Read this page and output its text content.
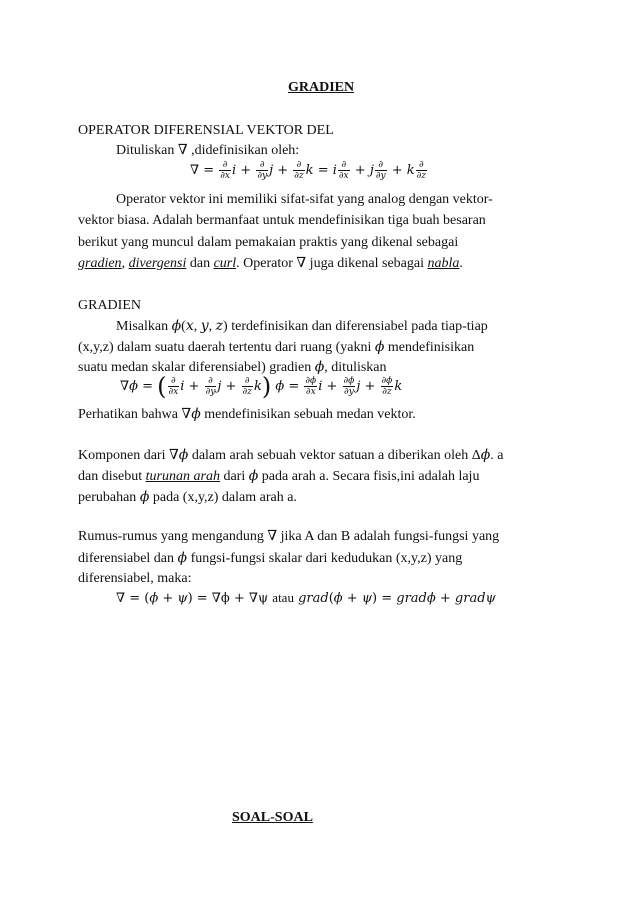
GRADIEN
OPERATOR DIFERENSIAL VEKTOR DEL
Dituliskan ∇ ,didefinisikan oleh:
∇ = $\frac{\partial}{\partial x}$ $i + \frac{\partial}{\partial y}$ $j + \frac{\partial}{\partial z}$ k = i $\frac{\partial}{\partial x} + j \frac{\partial}{\partial y} + k \frac{\partial}{\partial z}$
Operator vektor ini memiliki sifat-sifat yang analog dengan vektor-
vektor biasa. Adalah bermanfaat untuk mendefinisikan tiga buah besaran
berikut yang muncul dalam pemakaian praktis yang dikenal sebagai
gradien, divergensi dan curl. Operator ∇ juga dikenal sebagai nabla.
GRADIEN
Misalkan ϕ(x, y, z) terdefinisikan dan diferensiabel pada tiap-tiap
(x,y,z) dalam suatu daerah tertentu dari ruang (yakni ϕ mendefinisikan
suatu medan skalar diferensiabel) gradien ϕ, dituliskan
∇ϕ = ( $\frac{\partial}{\partial x}$ $i + \frac{\partial}{\partial y}$ $j + \frac{\partial}{\partial z} k$) $\phi = \frac{\partial\phi}{\partial x}$ $i + \frac{\partial\phi}{\partial y}$ $j + \frac{\partial\phi}{\partial z}$ k
Perhatikan bahwa ∇ϕ mendefinisikan sebuah medan vektor.
Komponen dari ∇ϕ dalam arah sebuah vektor satuan a diberikan oleh Δϕ. a
dan disebut turunan arah dari ϕ pada arah a. Secara fisis,ini adalah laju
perubahan ϕ pada (x,y,z) dalam arah a.
Rumus-rumus yang mengandung ∇ jika A dan B adalah fungsi-fungsi yang
diferensiabel dan ϕ fungsi-fungsi skalar dari kedudukan (x,y,z) yang
diferensiabel, maka:
∇ = (ϕ + ψ) = ∇ϕ + ∇ψ atau grad(ϕ + ψ) = gradϕ + gradψ
SOAL-SOAL
